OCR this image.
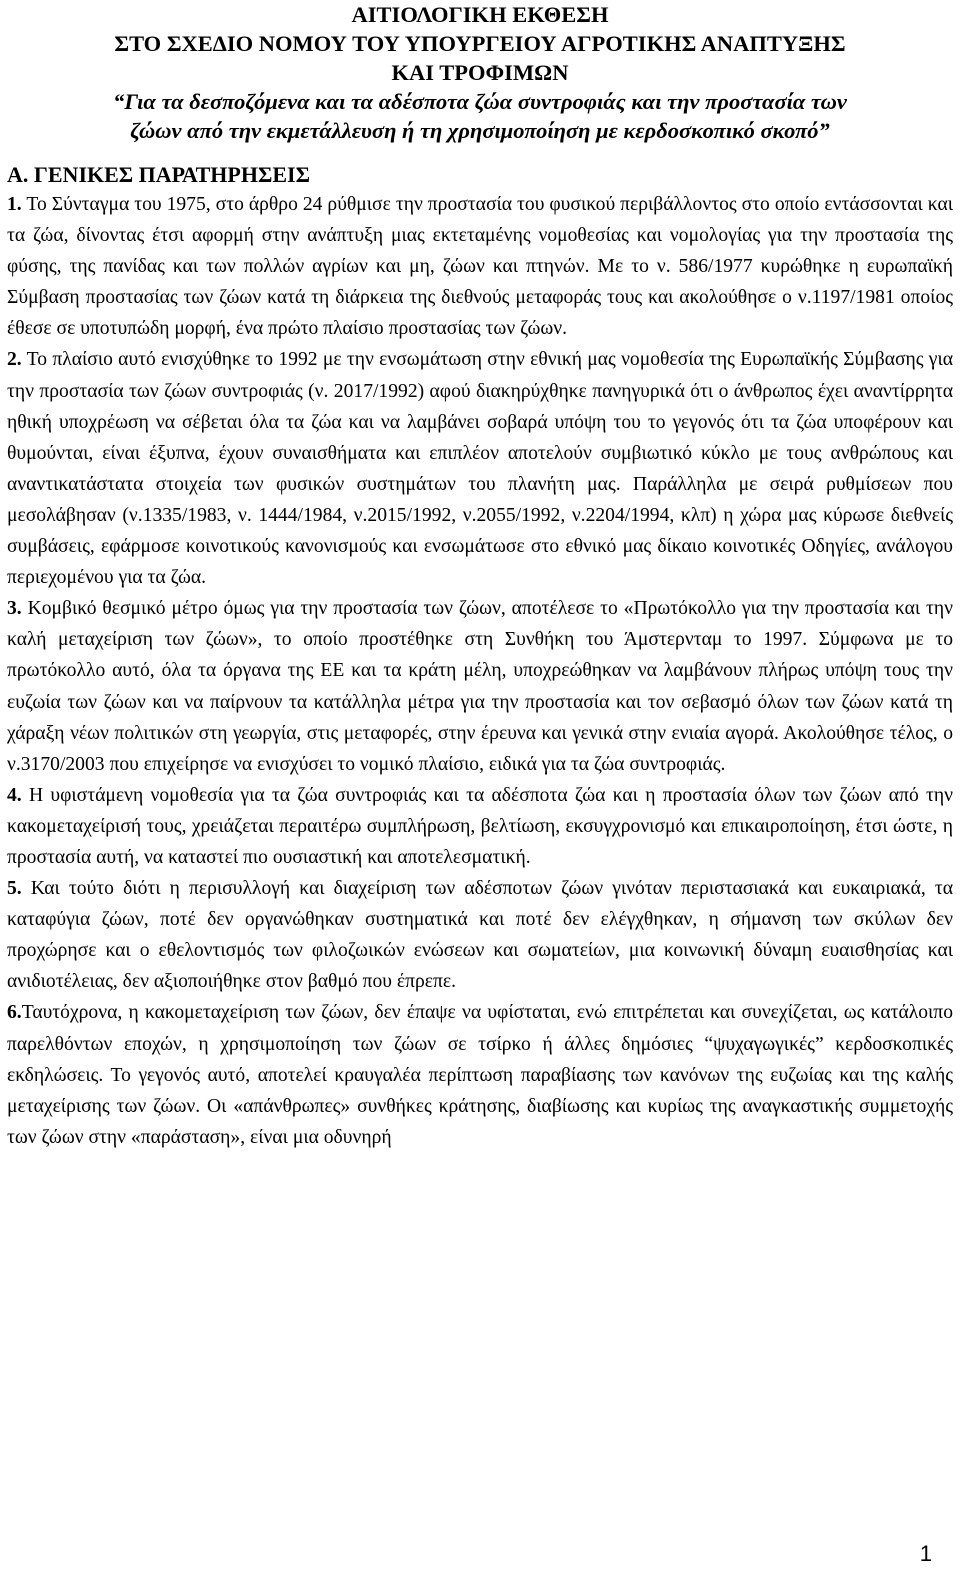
ΑΙΤΙΟΛΟΓΙΚΗ ΕΚΘΕΣΗ
ΣΤΟ ΣΧΕΔΙΟ ΝΟΜΟΥ ΤΟΥ ΥΠΟΥΡΓΕΙΟΥ ΑΓΡΟΤΙΚΗΣ ΑΝΑΠΤΥΞΗΣ
ΚΑΙ ΤΡΟΦΙΜΩΝ
“Για τα δεσποζόμενα και τα αδέσποτα ζώα συντροφιάς και την προστασία των
ζώων από την εκμετάλλευση ή τη χρησιμοποίηση με κερδοσκοπικό σκοπό”
Α. ΓΕΝΙΚΕΣ ΠΑΡΑΤΗΡΗΣΕΙΣ

1. Το Σύνταγμα του 1975, στο άρθρο 24 ρύθμισε την προστασία του φυσικού περιβάλλοντος στο οποίο εντάσσονται και τα ζώα, δίνοντας έτσι αφορμή στην ανάπτυξη μιας εκτεταμένης νομοθεσίας και νομολογίας για την προστασία της φύσης, της πανίδας και των πολλών αγρίων και μη, ζώων και πτηνών. Με το ν. 586/1977 κυρώθηκε η ευρωπαϊκή Σύμβαση προστασίας των ζώων κατά τη διάρκεια της διεθνούς μεταφοράς τους και ακολούθησε ο ν.1197/1981 οποίος έθεσε σε υποτυπώδη μορφή, ένα πρώτο πλαίσιο προστασίας των ζώων.

2. Το πλαίσιο αυτό ενισχύθηκε το 1992 με την ενσωμάτωση στην εθνική μας νομοθεσία της Ευρωπαϊκής Σύμβασης για την προστασία των ζώων συντροφιάς (ν. 2017/1992) αφού διακηρύχθηκε πανηγυρικά ότι ο άνθρωπος έχει αναντίρρητα ηθική υποχρέωση να σέβεται όλα τα ζώα και να λαμβάνει σοβαρά υπόψη του το γεγονός ότι τα ζώα υποφέρουν και θυμούνται, είναι έξυπνα, έχουν συναισθήματα και επιπλέον αποτελούν συμβιωτικό κύκλο με τους ανθρώπους και αναντικατάστατα στοιχεία των φυσικών συστημάτων του πλανήτη μας. Παράλληλα με σειρά ρυθμίσεων που μεσολάβησαν (ν.1335/1983, ν. 1444/1984, ν.2015/1992, ν.2055/1992, ν.2204/1994, κλπ) η χώρα μας κύρωσε διεθνείς συμβάσεις, εφάρμοσε κοινοτικούς κανονισμούς και ενσωμάτωσε στο εθνικό μας δίκαιο κοινοτικές Οδηγίες, ανάλογου περιεχομένου για τα ζώα.

3. Κομβικό θεσμικό μέτρο όμως για την προστασία των ζώων, αποτέλεσε το «Πρωτόκολλο για την προστασία και την καλή μεταχείριση των ζώων», το οποίο προστέθηκε στη Συνθήκη του Άμστερνταμ το 1997. Σύμφωνα με το πρωτόκολλο αυτό, όλα τα όργανα της ΕΕ και τα κράτη μέλη, υποχρεώθηκαν να λαμβάνουν πλήρως υπόψη τους την ευζωία των ζώων και να παίρνουν τα κατάλληλα μέτρα για την προστασία και τον σεβασμό όλων των ζώων κατά τη χάραξη νέων πολιτικών στη γεωργία, στις μεταφορές, στην έρευνα και γενικά στην ενιαία αγορά. Ακολούθησε τέλος, ο ν.3170/2003 που επιχείρησε να ενισχύσει το νομικό πλαίσιο, ειδικά για τα ζώα συντροφιάς.

4. Η υφιστάμενη νομοθεσία για τα ζώα συντροφιάς και τα αδέσποτα ζώα και η προστασία όλων των ζώων από την κακομεταχείρισή τους, χρειάζεται περαιτέρω συμπλήρωση, βελτίωση, εκσυγχρονισμό και επικαιροποίηση, έτσι ώστε, η προστασία αυτή, να καταστεί πιο ουσιαστική και αποτελεσματική.

5. Και τούτο διότι η περισυλλογή και διαχείριση των αδέσποτων ζώων γινόταν περιστασιακά και ευκαιριακά, τα καταφύγια ζώων, ποτέ δεν οργανώθηκαν συστηματικά και ποτέ δεν ελέγχθηκαν, η σήμανση των σκύλων δεν προχώρησε και ο εθελοντισμός των φιλοζωικών ενώσεων και σωματείων, μια κοινωνική δύναμη ευαισθησίας και ανιδιοτέλειας, δεν αξιοποιήθηκε στον βαθμό που έπρεπε.

6.Ταυτόχρονα, η κακομεταχείριση των ζώων, δεν έπαψε να υφίσταται, ενώ επιτρέπεται και συνεχίζεται, ως κατάλοιπο παρελθόντων εποχών, η χρησιμοποίηση των ζώων σε τσίρκο ή άλλες δημόσιες “ψυχαγωγικές” κερδοσκοπικές εκδηλώσεις. Το γεγονός αυτό, αποτελεί κραυγαλέα περίπτωση παραβίασης των κανόνων της ευζωίας και της καλής μεταχείρισης των ζώων. Οι «απάνθρωπες» συνθήκες κράτησης, διαβίωσης και κυρίως της αναγκαστικής συμμετοχής των ζώων στην «παράσταση», είναι μια οδυνηρή

1
